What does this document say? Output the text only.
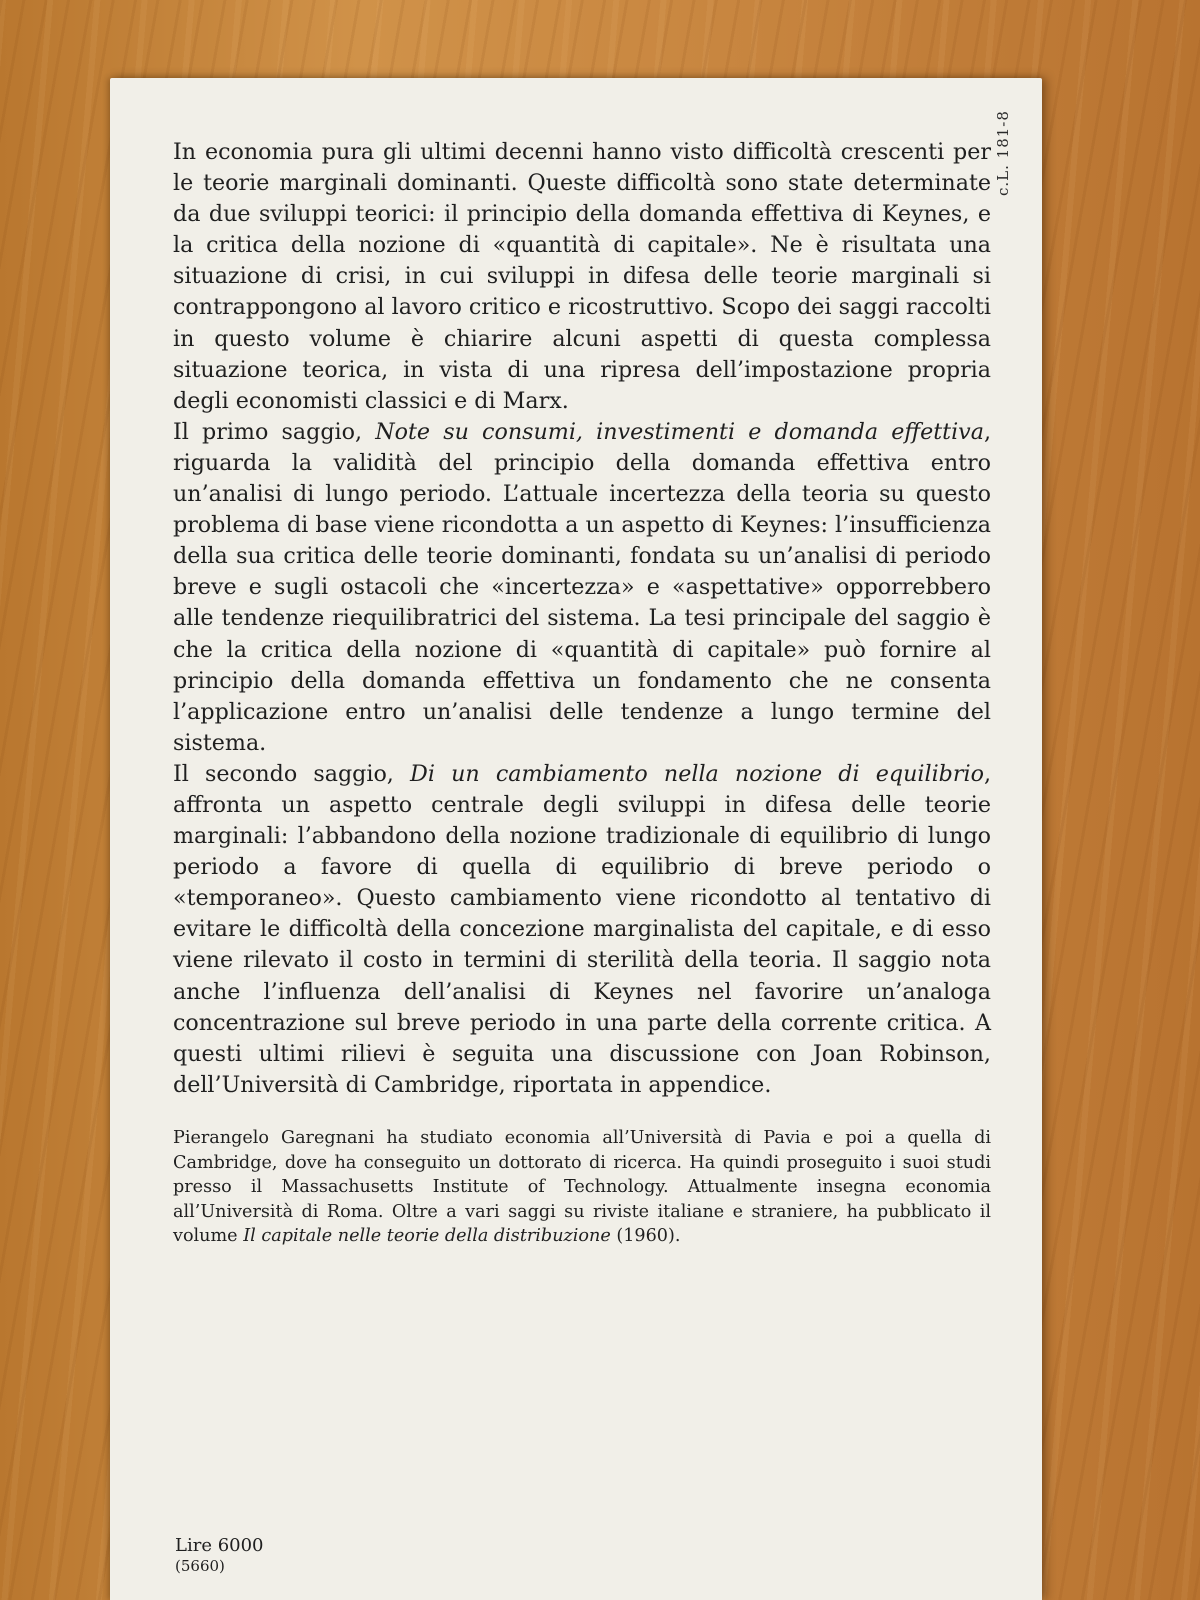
c.L. 181-8

In economia pura gli ultimi decenni hanno visto difficoltà crescenti per le teorie marginali dominanti. Queste difficoltà sono state determinate da due sviluppi teorici: il principio della domanda effettiva di Keynes, e la critica della nozione di «quantità di capitale». Ne è risultata una situazione di crisi, in cui sviluppi in difesa delle teorie marginali si contrappongono al lavoro critico e ricostruttivo. Scopo dei saggi raccolti in questo volume è chiarire alcuni aspetti di questa complessa situazione teorica, in vista di una ripresa dell’impostazione propria degli economisti classici e di Marx.

Il primo saggio, Note su consumi, investimenti e domanda effettiva, riguarda la validità del principio della domanda effettiva entro un’analisi di lungo periodo. L’attuale incertezza della teoria su questo problema di base viene ricondotta a un aspetto di Keynes: l’insufficienza della sua critica delle teorie dominanti, fondata su un’analisi di periodo breve e sugli ostacoli che «incertezza» e «aspettative» opporrebbero alle tendenze riequilibratrici del sistema. La tesi principale del saggio è che la critica della nozione di «quantità di capitale» può fornire al principio della domanda effettiva un fondamento che ne consenta l’applicazione entro un’analisi delle tendenze a lungo termine del sistema.

Il secondo saggio, Di un cambiamento nella nozione di equilibrio, affronta un aspetto centrale degli sviluppi in difesa delle teorie marginali: l’abbandono della nozione tradizionale di equilibrio di lungo periodo a favore di quella di equilibrio di breve periodo o «temporaneo». Questo cambiamento viene ricondotto al tentativo di evitare le difficoltà della concezione marginalista del capitale, e di esso viene rilevato il costo in termini di sterilità della teoria. Il saggio nota anche l’influenza dell’analisi di Keynes nel favorire un’analoga concentrazione sul breve periodo in una parte della corrente critica. A questi ultimi rilievi è seguita una discussione con Joan Robinson, dell’Università di Cambridge, riportata in appendice.

Pierangelo Garegnani ha studiato economia all’Università di Pavia e poi a quella di Cambridge, dove ha conseguito un dottorato di ricerca. Ha quindi proseguito i suoi studi presso il Massachusetts Institute of Technology. Attualmente insegna economia all’Università di Roma. Oltre a vari saggi su riviste italiane e straniere, ha pubblicato il volume Il capitale nelle teorie della distribuzione (1960).

Lire 6000
(5660)
